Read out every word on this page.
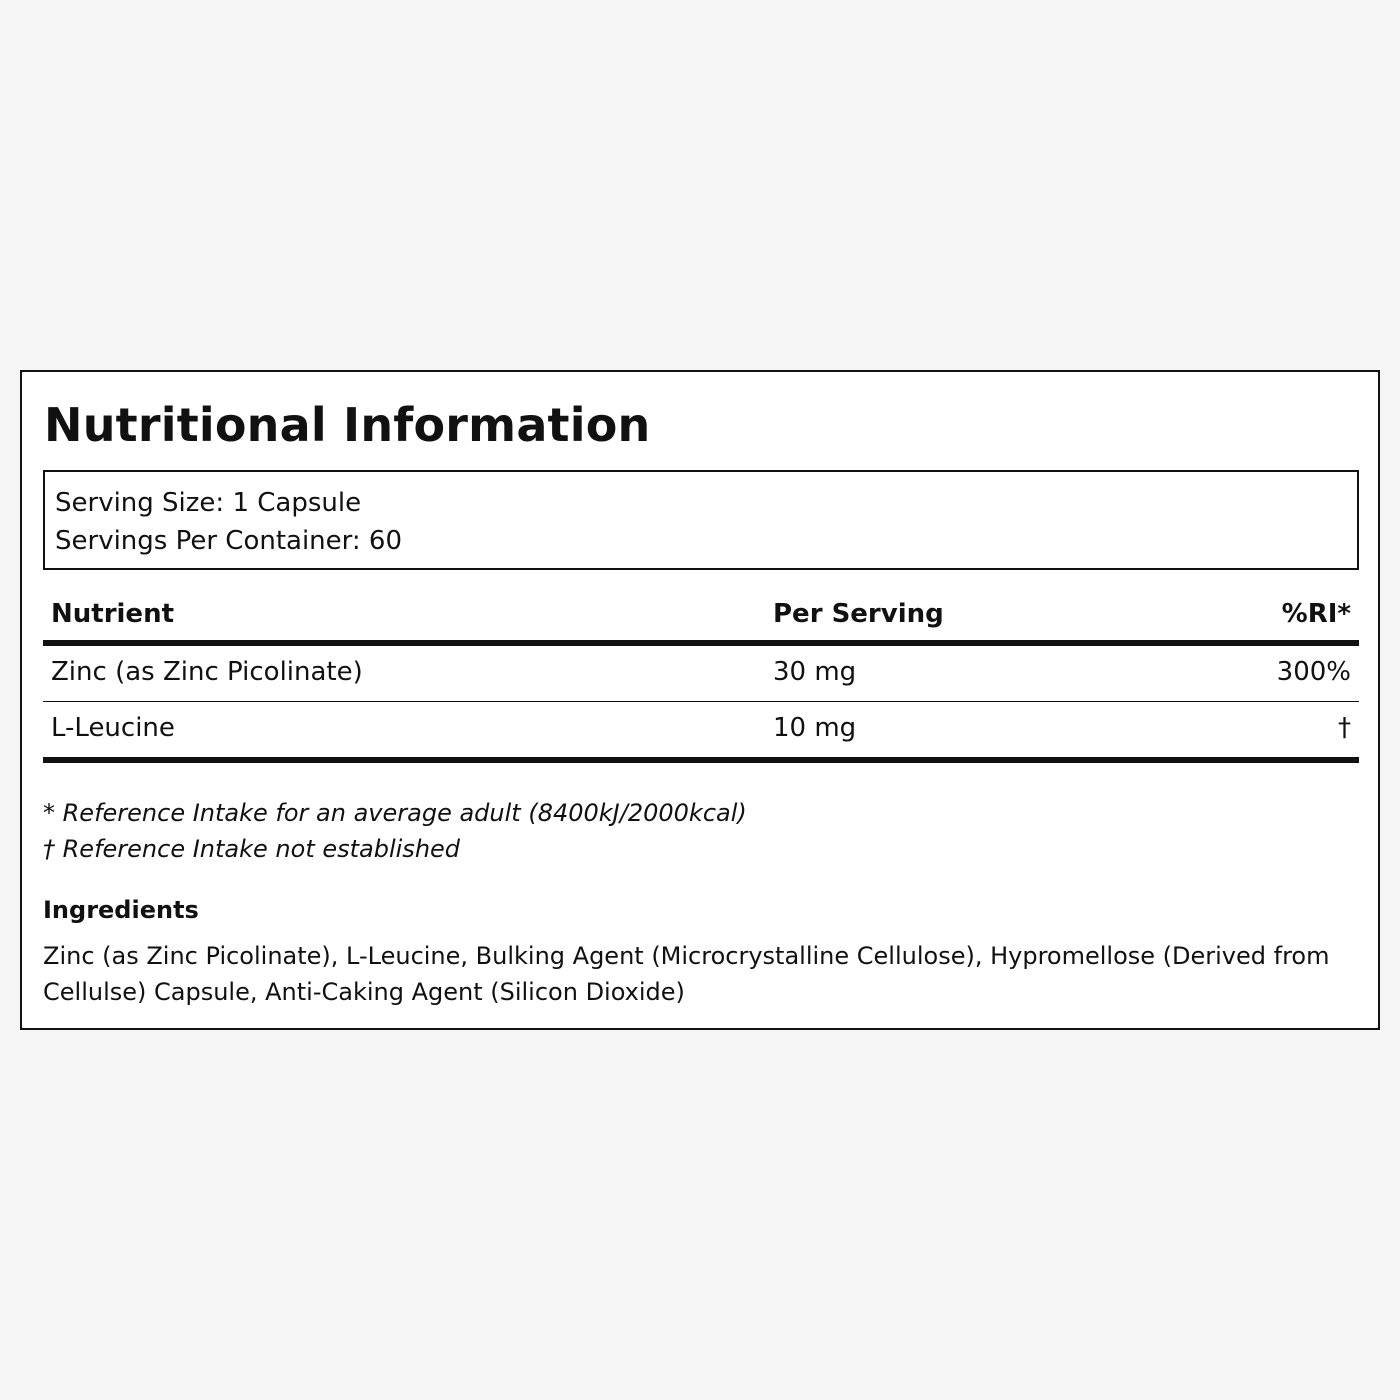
Nutritional Information
Serving Size: 1 Capsule
Servings Per Container: 60
Nutrient	Per Serving	%RI*
Zinc (as Zinc Picolinate)	30 mg	300%
L-Leucine	10 mg	†
* Reference Intake for an average adult (8400kJ/2000kcal)
† Reference Intake not established
Ingredients

Zinc (as Zinc Picolinate), L-Leucine, Bulking Agent (Microcrystalline Cellulose), Hypromellose (Derived from Cellulse) Capsule, Anti-Caking Agent (Silicon Dioxide)
